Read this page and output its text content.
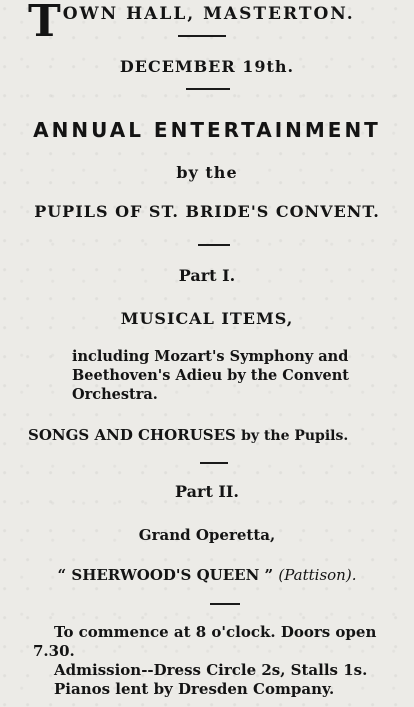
TOWN HALL, MASTERTON.
DECEMBER 19th.
ANNUAL ENTERTAINMENT
by the
PUPILS OF ST. BRIDE'S CONVENT.
Part I.
MUSICAL ITEMS,
including Mozart's Symphony and
Beethoven's Adieu by the Convent
Orchestra.
SONGS AND CHORUSES by the Pupils.
Part II.
Grand Operetta,
“ SHERWOOD'S QUEEN ” (Pattison).
To commence at 8 o'clock. Doors open
7.30.
Admission--Dress Circle 2s, Stalls 1s.
Pianos lent by Dresden Company.
